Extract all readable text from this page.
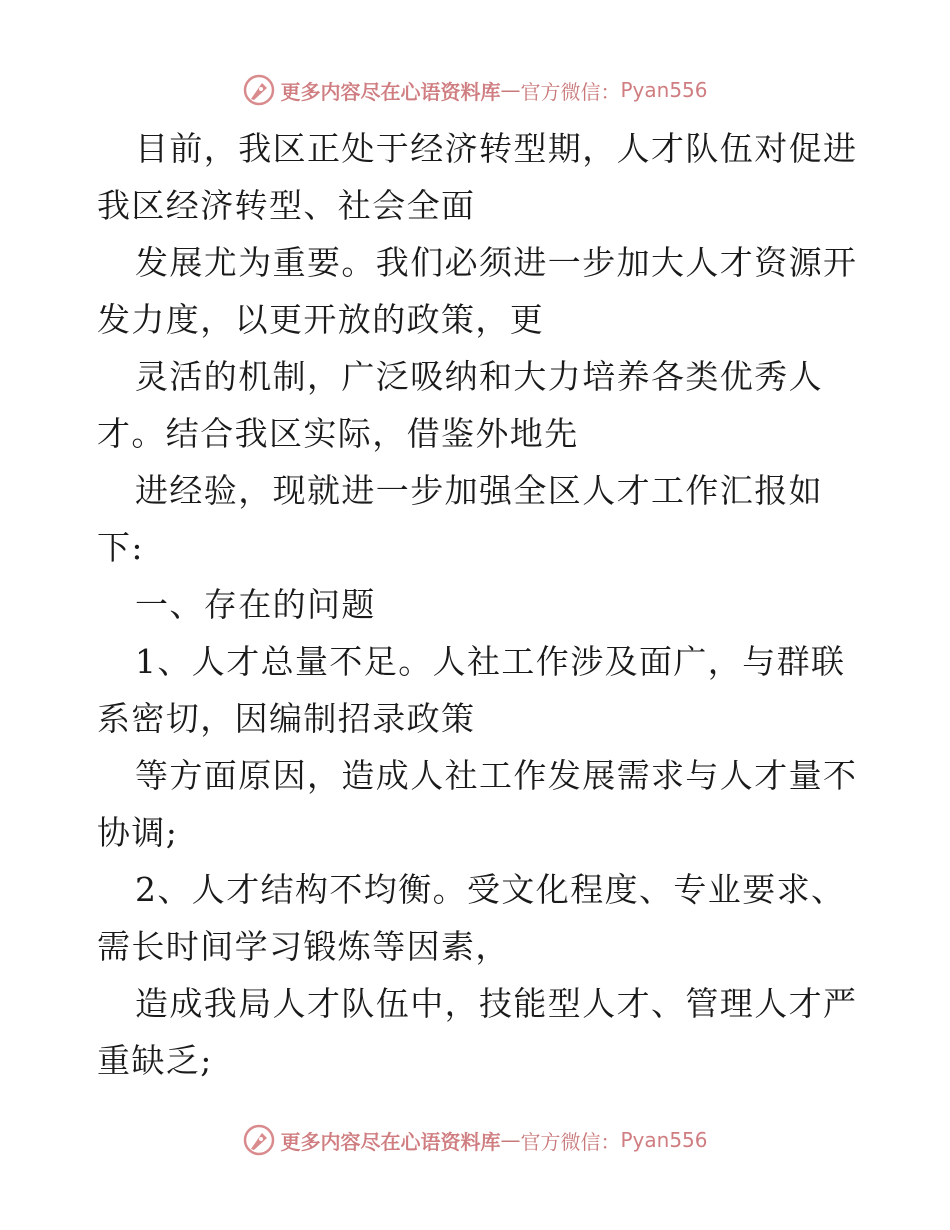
更多内容尽在心语资料库 — 官方微信： Pyan556
目前，我区正处于经济转型期，人才队伍对促进
我区经济转型、社会全面
发展尤为重要。我们必须进一步加大人才资源开
发力度，以更开放的政策，更
灵活的机制，广泛吸纳和大力培养各类优秀人
才。结合我区实际，借鉴外地先
进经验，现就进一步加强全区人才工作汇报如
下:
一、存在的问题
1、人才总量不足。人社工作涉及面广，与群联
系密切，因编制招录政策
等方面原因，造成人社工作发展需求与人才量不
协调;
2、人才结构不均衡。受文化程度、专业要求、
需长时间学习锻炼等因素，
造成我局人才队伍中，技能型人才、管理人才严
重缺乏;
更多内容尽在心语资料库 — 官方微信： Pyan556
